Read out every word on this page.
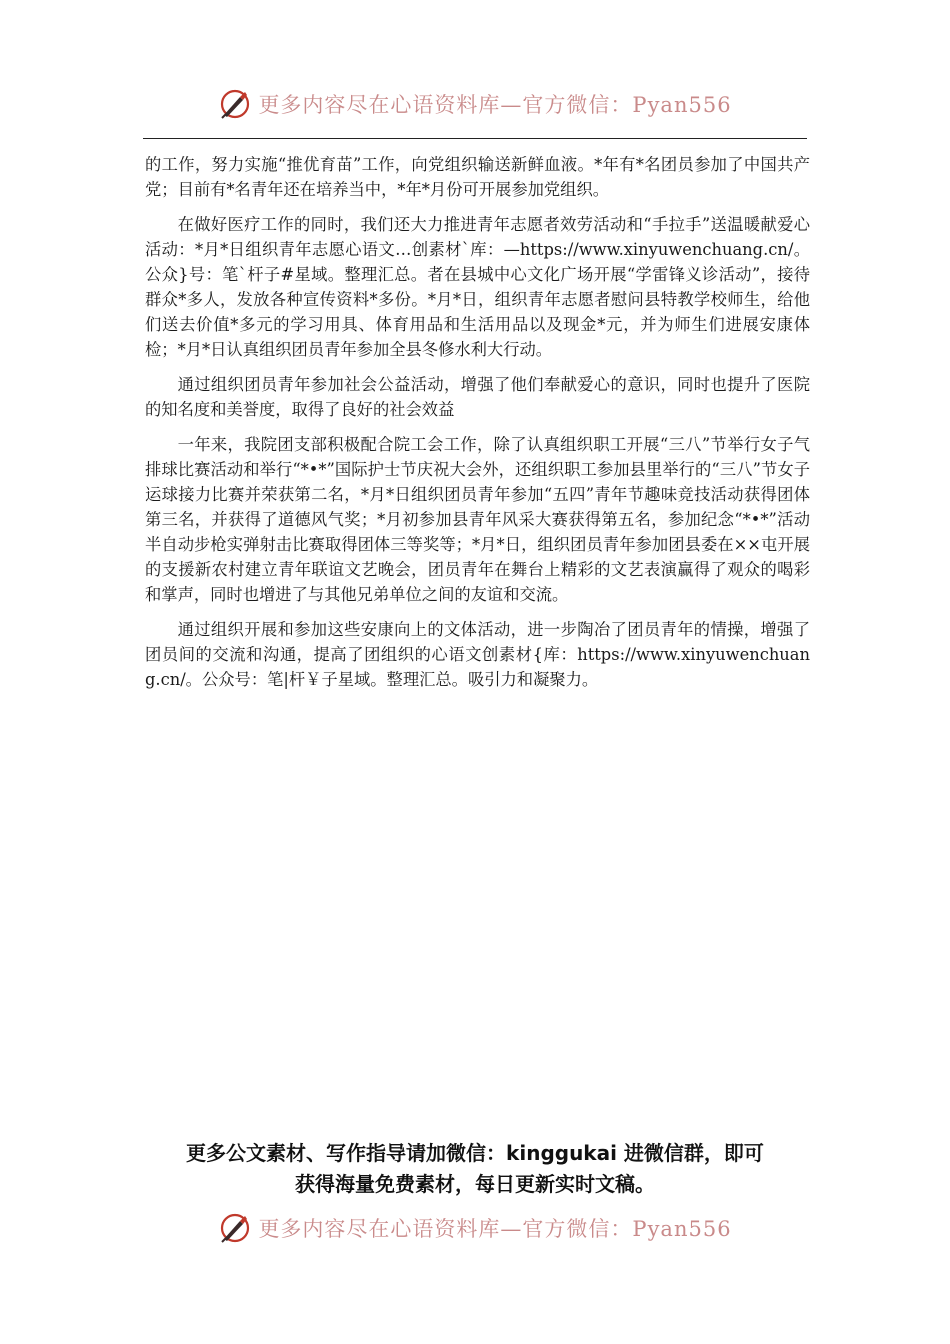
更多内容尽在心语资料库—官方微信：Pyan556

的工作，努力实施“推优育苗”工作，向党组织输送新鲜血液。*年有*名团员参加了中国共产党；目前有*名青年还在培养当中，*年*月份可开展参加党组织。

在做好医疗工作的同时，我们还大力推进青年志愿者效劳活动和“手拉手”送温暖献爱心活动：*月*日组织青年志愿心语文…创素材`库：—https://www.xinyuwenchuang.cn/。公众}号：笔`杆子#星域。整理汇总。者在县城中心文化广场开展“学雷锋义诊活动”，接待群众*多人，发放各种宣传资料*多份。*月*日，组织青年志愿者慰问县特教学校师生，给他们送去价值*多元的学习用具、体育用品和生活用品以及现金*元，并为师生们进展安康体检；*月*日认真组织团员青年参加全县冬修水利大行动。

通过组织团员青年参加社会公益活动，增强了他们奉献爱心的意识，同时也提升了医院的知名度和美誉度，取得了良好的社会效益

一年来，我院团支部积极配合院工会工作，除了认真组织职工开展“三八”节举行女子气排球比赛活动和举行“*•*”国际护士节庆祝大会外，还组织职工参加县里举行的“三八”节女子运球接力比赛并荣获第二名，*月*日组织团员青年参加“五四”青年节趣味竞技活动获得团体第三名，并获得了道德风气奖；*月初参加县青年风采大赛获得第五名，参加纪念“*•*”活动半自动步枪实弹射击比赛取得团体三等奖等；*月*日，组织团员青年参加团县委在××屯开展的支援新农村建立青年联谊文艺晚会，团员青年在舞台上精彩的文艺表演赢得了观众的喝彩和掌声，同时也增进了与其他兄弟单位之间的友谊和交流。

通过组织开展和参加这些安康向上的文体活动，进一步陶冶了团员青年的情操，增强了团员间的交流和沟通，提高了团组织的心语文创素材{库：https://www.xinyuwenchuang.cn/。公众号：笔|杆￥子星域。整理汇总。吸引力和凝聚力。

更多公文素材、写作指导请加微信：kinggukai 进微信群，即可
获得海量免费素材，每日更新实时文稿。
更多内容尽在心语资料库—官方微信：Pyan556
